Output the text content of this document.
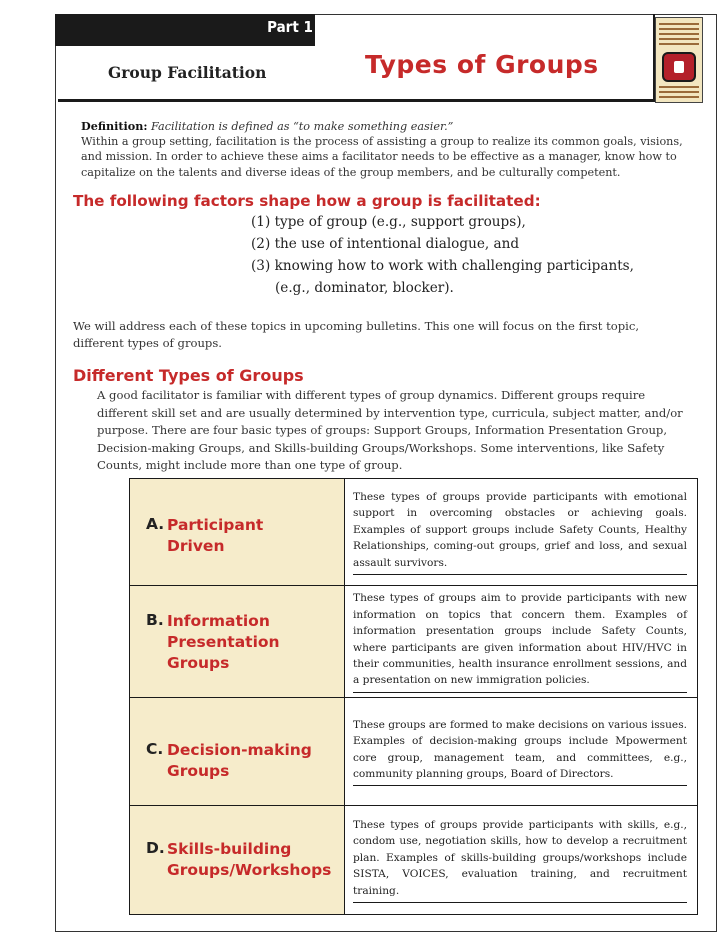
Part 1
Group Facilitation	Types of Groups
Definition: Facilitation is defined as “to make something easier.”
Within a group setting, facilitation is the process of assisting a group to realize its common goals, visions, and mission. In order to achieve these aims a facilitator needs to be effective as a manager, know how to capitalize on the talents and diverse ideas of the group members, and be culturally competent.
The following factors shape how a group is facilitated:
(1) type of group (e.g., support groups),
(2) the use of intentional dialogue, and
(3) knowing how to work with challenging participants,
(e.g., dominator, blocker).
We will address each of these topics in upcoming bulletins. This one will focus on the first topic, different types of groups.
Different Types of Groups
A good facilitator is familiar with different types of group dynamics. Different groups require different skill set and are usually determined by intervention type, curricula, subject matter, and/or purpose. There are four basic types of groups: Support Groups, Information Presentation Group, Decision-making Groups, and Skills-building Groups/Workshops. Some interventions, like Safety Counts, might include more than one type of group.
A. Participant
Driven
These types of groups provide participants with emotional support in overcoming obstacles or achieving goals. Examples of support groups include Safety Counts, Healthy Relationships, coming-out groups, grief and loss, and sexual assault survivors.
B. Information
Presentation
Groups
These types of groups aim to provide participants with new information on topics that concern them. Examples of information presentation groups include Safety Counts, where participants are given information about HIV/HVC in their communities, health insurance enrollment sessions, and a presentation on new immigration policies.
C. Decision-making
Groups
These groups are formed to make decisions on various issues. Examples of decision-making groups include Mpowerment core group, management team, and committees, e.g., community planning groups, Board of Directors.
D. Skills-building
Groups/Workshops
These types of groups provide participants with skills, e.g., condom use, negotiation skills, how to develop a recruitment plan. Examples of skills-building groups/workshops include SISTA, VOICES, evaluation training, and recruitment training.
